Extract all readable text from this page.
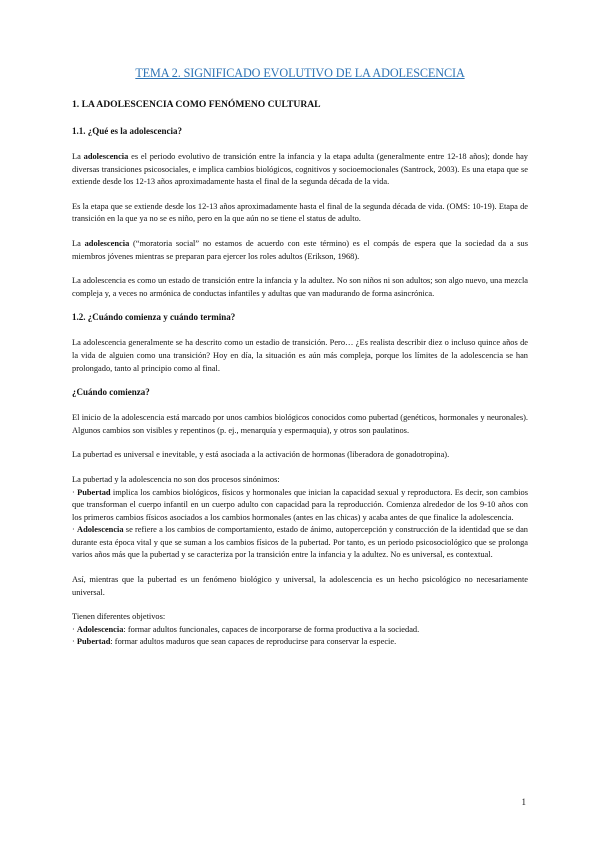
TEMA 2. SIGNIFICADO EVOLUTIVO DE LA ADOLESCENCIA
1. LA ADOLESCENCIA COMO FENÓMENO CULTURAL
1.1. ¿Qué es la adolescencia?

La adolescencia es el periodo evolutivo de transición entre la infancia y la etapa adulta (generalmente entre 12-18 años); donde hay diversas transiciones psicosociales, e implica cambios biológicos, cognitivos y socioemocionales (Santrock, 2003). Es una etapa que se extiende desde los 12-13 años aproximadamente hasta el final de la segunda década de la vida.

Es la etapa que se extiende desde los 12-13 años aproximadamente hasta el final de la segunda década de vida. (OMS: 10-19). Etapa de transición en la que ya no se es niño, pero en la que aún no se tiene el status de adulto.

La adolescencia (“moratoria social” no estamos de acuerdo con este término) es el compás de espera que la sociedad da a sus miembros jóvenes mientras se preparan para ejercer los roles adultos (Erikson, 1968).

La adolescencia es como un estado de transición entre la infancia y la adultez. No son niños ni son adultos; son algo nuevo, una mezcla compleja y, a veces no armónica de conductas infantiles y adultas que van madurando de forma asincrónica.

1.2. ¿Cuándo comienza y cuándo termina?

La adolescencia generalmente se ha descrito como un estadio de transición. Pero… ¿Es realista describir diez o incluso quince años de la vida de alguien como una transición? Hoy en día, la situación es aún más compleja, porque los límites de la adolescencia se han prolongado, tanto al principio como al final.

¿Cuándo comienza?

El inicio de la adolescencia está marcado por unos cambios biológicos conocidos como pubertad (genéticos, hormonales y neuronales). Algunos cambios son visibles y repentinos (p. ej., menarquía y espermaquia), y otros son paulatinos.

La pubertad es universal e inevitable, y está asociada a la activación de hormonas (liberadora de gonadotropina).

La pubertad y la adolescencia no son dos procesos sinónimos:

· Pubertad implica los cambios biológicos, físicos y hormonales que inician la capacidad sexual y reproductora. Es decir, son cambios que transforman el cuerpo infantil en un cuerpo adulto con capacidad para la reproducción. Comienza alrededor de los 9-10 años con los primeros cambios físicos asociados a los cambios hormonales (antes en las chicas) y acaba antes de que finalice la adolescencia.
· Adolescencia se refiere a los cambios de comportamiento, estado de ánimo, autopercepción y construcción de la identidad que se dan durante esta época vital y que se suman a los cambios físicos de la pubertad. Por tanto, es un periodo psicosociológico que se prolonga varios años más que la pubertad y se caracteriza por la transición entre la infancia y la adultez. No es universal, es contextual.

Así, mientras que la pubertad es un fenómeno biológico y universal, la adolescencia es un hecho psicológico no necesariamente universal.

Tienen diferentes objetivos:

· Adolescencia: formar adultos funcionales, capaces de incorporarse de forma productiva a la sociedad.
· Pubertad: formar adultos maduros que sean capaces de reproducirse para conservar la especie.
1
